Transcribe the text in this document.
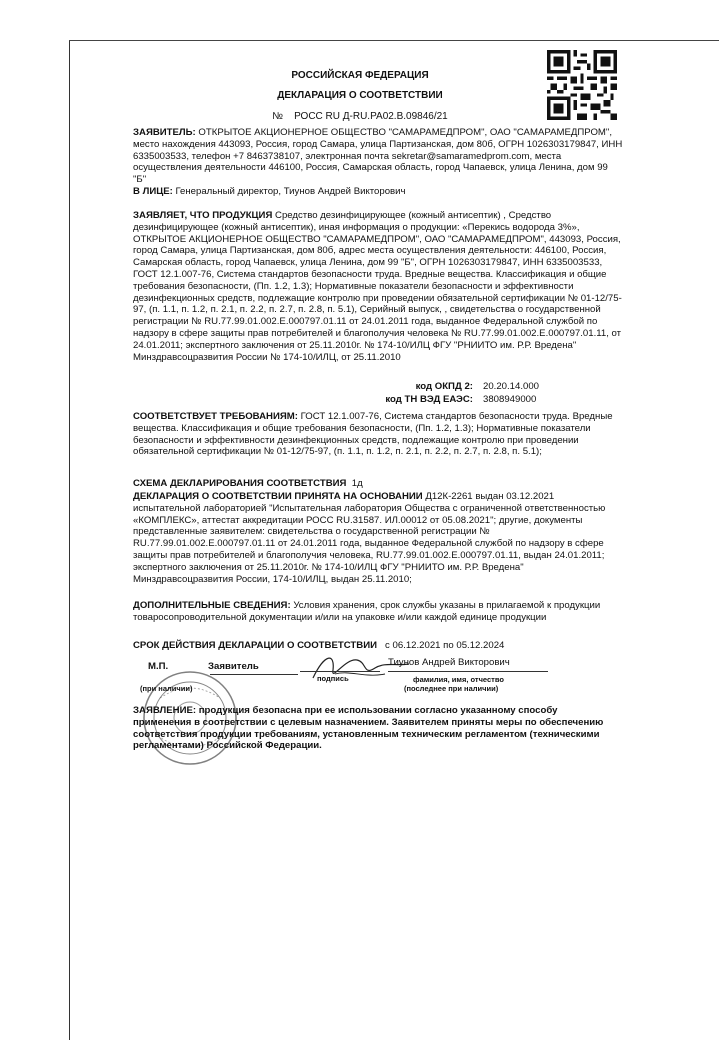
РОССИЙСКАЯ ФЕДЕРАЦИЯ
ДЕКЛАРАЦИЯ О СООТВЕТСТВИИ
№ РОСС RU Д-RU.PA02.B.09846/21
ЗАЯВИТЕЛЬ: ОТКРЫТОЕ АКЦИОНЕРНОЕ ОБЩЕСТВО "САМАРАМЕДПРОМ", ОАО "САМАРАМЕДПРОМ", место нахождения 443093, Россия, город Самара, улица Партизанская, дом 80б, ОГРН 1026303179847, ИНН 6335003533, телефон +7 8463738107, электронная почта sekretar@samaramedprom.com, места осуществления деятельности 446100, Россия, Самарская область, город Чапаевск, улица Ленина, дом 99 "Б"
В ЛИЦЕ: Генеральный директор, Тиунов Андрей Викторович
ЗАЯВЛЯЕТ, ЧТО ПРОДУКЦИЯ Средство дезинфицирующее (кожный антисептик) , Средство дезинфицирующее (кожный антисептик), иная информация о продукции: «Перекись водорода 3%», ОТКРЫТОЕ АКЦИОНЕРНОЕ ОБЩЕСТВО "САМАРАМЕДПРОМ", ОАО "САМАРАМЕДПРОМ", 443093, Россия, город Самара, улица Партизанская, дом 80б, адрес места осуществления деятельности: 446100, Россия, Самарская область, город Чапаевск, улица Ленина, дом 99 "Б", ОГРН 1026303179847, ИНН 6335003533, ГОСТ 12.1.007-76, Система стандартов безопасности труда. Вредные вещества. Классификация и общие требования безопасности, (Пп. 1.2, 1.3); Нормативные показатели безопасности и эффективности дезинфекционных средств, подлежащие контролю при проведении обязательной сертификации № 01-12/75-97, (п. 1.1, п. 1.2, п. 2.1, п. 2.2, п. 2.7, п. 2.8, п. 5.1), Серийный выпуск, , свидетельства о государственной регистрации № RU.77.99.01.002.E.000797.01.11 от 24.01.2011 года, выданное Федеральной службой по надзору в сфере защиты прав потребителей и благополучия человека № RU.77.99.01.002.E.000797.01.11, от 24.01.2011; экспертного заключения от 25.11.2010г. № 174-10/ИЛЦ ФГУ "РНИИТО им. Р.Р. Вредена" Минздравсоцразвития России № 174-10/ИЛЦ, от 25.11.2010
код ОКПД 2:	20.20.14.000
код ТН ВЭД ЕАЭС:	3808949000
СООТВЕТСТВУЕТ ТРЕБОВАНИЯМ: ГОСТ 12.1.007-76, Система стандартов безопасности труда. Вредные вещества. Классификация и общие требования безопасности, (Пп. 1.2, 1.3); Нормативные показатели безопасности и эффективности дезинфекционных средств, подлежащие контролю при проведении обязательной сертификации № 01-12/75-97, (п. 1.1, п. 1.2, п. 2.1, п. 2.2, п. 2.7, п. 2.8, п. 5.1);
СХЕМА ДЕКЛАРИРОВАНИЯ СООТВЕТСТВИЯ 1д
ДЕКЛАРАЦИЯ О СООТВЕТСТВИИ ПРИНЯТА НА ОСНОВАНИИ Д12К-2261 выдан 03.12.2021 испытательной лабораторией "Испытательная лаборатория Общества с ограниченной ответственностью «КОМПЛЕКС», аттестат аккредитации РОСС RU.31587. ИЛ.00012 от 05.08.2021"; другие, документы представленные заявителем: свидетельства о государственной регистрации № RU.77.99.01.002.E.000797.01.11 от 24.01.2011 года, выданное Федеральной службой по надзору в сфере защиты прав потребителей и благополучия человека, RU.77.99.01.002.E.000797.01.11, выдан 24.01.2011; экспертного заключения от 25.11.2010г. № 174-10/ИЛЦ ФГУ "РНИИТО им. Р.Р. Вредена" Минздравсоцразвития России, 174-10/ИЛЦ, выдан 25.11.2010;
ДОПОЛНИТЕЛЬНЫЕ СВЕДЕНИЯ: Условия хранения, срок службы указаны в прилагаемой к продукции товаросопроводительной документации и/или на упаковке и/или каждой единице продукции
СРОК ДЕЙСТВИЯ ДЕКЛАРАЦИИ О СООТВЕТСТВИИ с 06.12.2021 по 05.12.2024
М.П.	Заявитель	Тиунов Андрей Викторович
(при наличии)
подпись	фамилия, имя, отчество
(последнее при наличии)
ЗАЯВЛЕНИЕ: продукция безопасна при ее использовании согласно указанному способу применения в соответствии с целевым назначением. Заявителем приняты меры по обеспечению соответствия продукции требованиям, установленным техническим регламентом (техническими регламентами) Российской Федерации.
